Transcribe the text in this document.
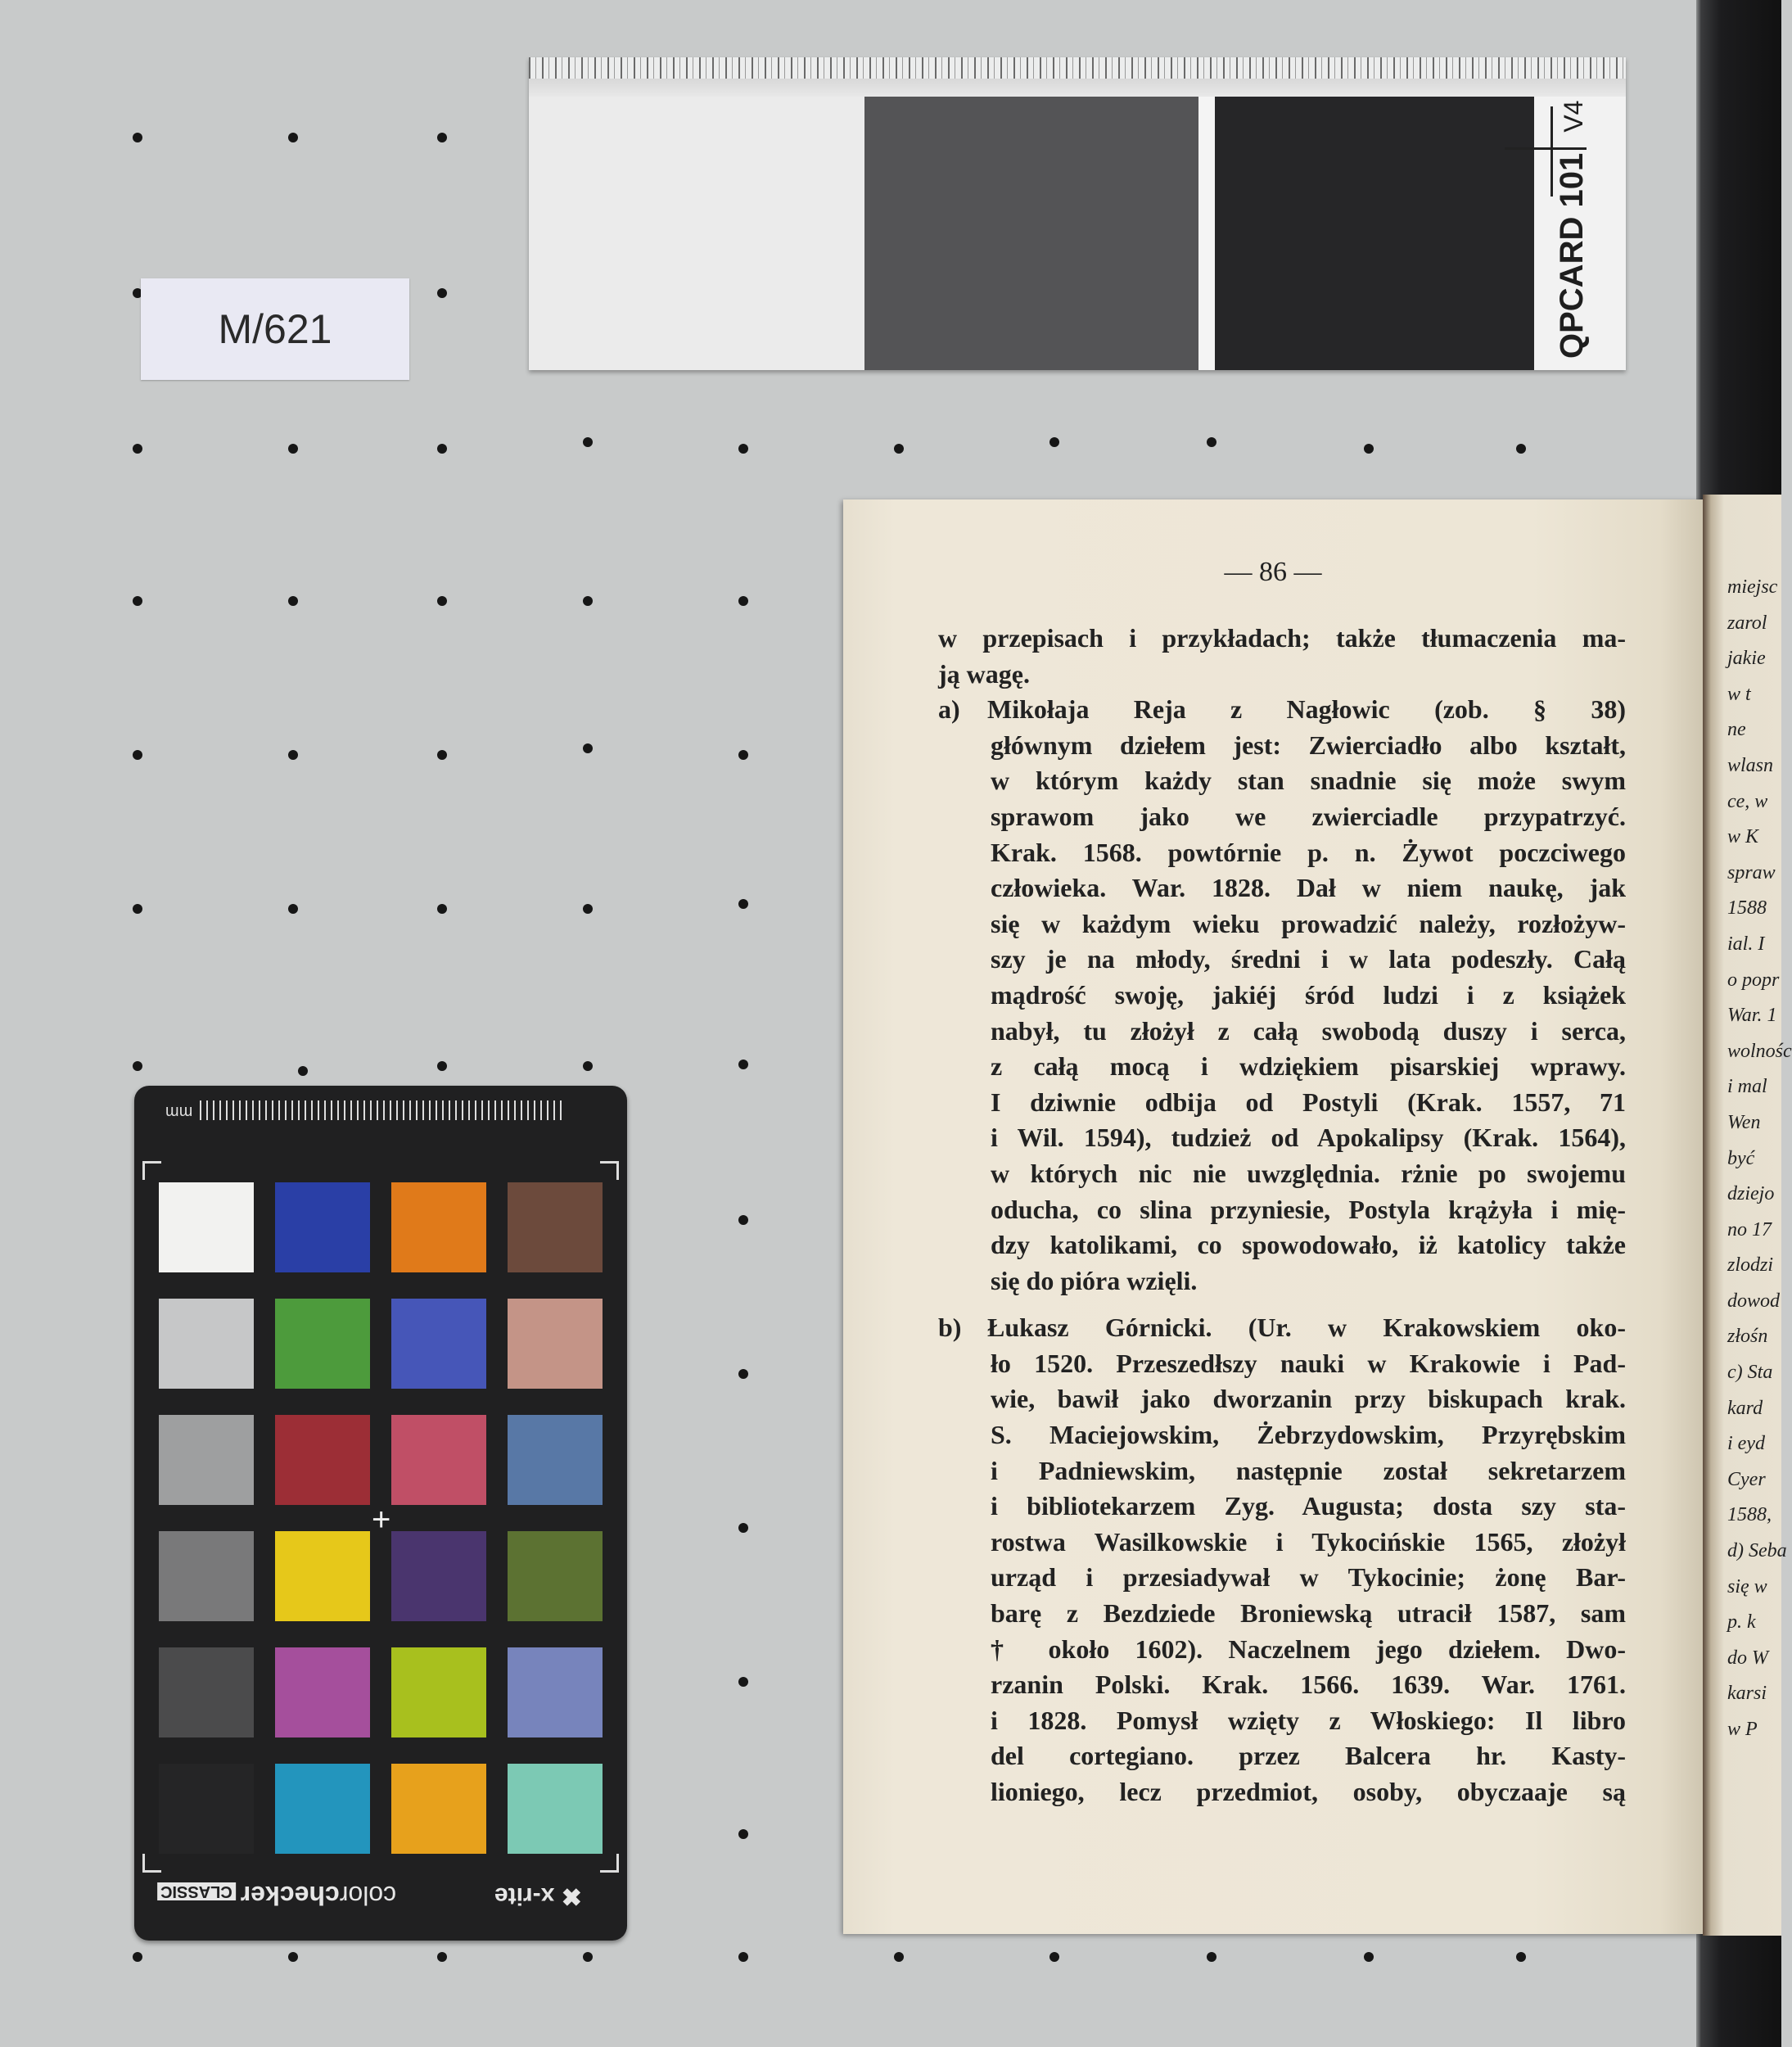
M/621	QPCARD 101 V4
mm
+
colorcheckerCLASSIC	✖ x-rite
— 86 —
w przepisach i przykładach; także tłumaczenia ma-
ją wagę.
a) Mikołaja Reja z Nagłowic (zob. § 38)
głównym dziełem jest: Zwierciadło albo kształt,
w którym każdy stan snadnie się może swym
sprawom jako we zwierciadle przypatrzyć.
Krak. 1568. powtórnie p. n. Żywot poczciwego
człowieka. War. 1828. Dał w niem naukę, jak
się w każdym wieku prowadzić należy, rozłożyw-
szy je na młody, średni i w lata podeszły. Całą
mądrość swoję, jakiéj śród ludzi i z książek
nabył, tu złożył z całą swobodą duszy i serca,
z całą mocą i wdziękiem pisarskiej wprawy.
I dziwnie odbija od Postyli (Krak. 1557, 71
i Wil. 1594), tudzież od Apokalipsy (Krak. 1564),
w których nic nie uwzględnia. rżnie po swojemu
oducha, co slina przyniesie, Postyla krążyła i mię-
dzy katolikami, co spowodowało, iż katolicy także
się do pióra wzięli.
b) Łukasz Górnicki. (Ur. w Krakowskiem oko-
ło 1520. Przeszedłszy nauki w Krakowie i Pad-
wie, bawił jako dworzanin przy biskupach krak.
S. Maciejowskim, Żebrzydowskim, Przyrębskim
i Padniewskim, następnie został sekretarzem
i bibliotekarzem Zyg. Augusta; dosta szy sta-
rostwa Wasilkowskie i Tykocińskie 1565, złożył
urząd i przesiadywał w Tykocinie; żonę Bar-
barę z Bezdziede Broniewską utracił 1587, sam
† około 1602). Naczelnem jego dziełem. Dwo-
rzanin Polski. Krak. 1566. 1639. War. 1761.
i 1828. Pomysł wzięty z Włoskiego: Il libro
del cortegiano. przez Balcera hr. Kasty-
lioniego, lecz przedmiot, osoby, obyczaaje są
miejsc
zarol
jakie
w t
ne
wlasn
ce, w
w K
spraw
1588
ial. I
o popr
War. 1
wolnośc
i mal
Wen
być
dziejo
no 17
zlodzi
dowod
złośn
c) Sta
kard
i eyd
Cyer
1588,
d) Seba
się w
p. k
do W
karsi
w P
